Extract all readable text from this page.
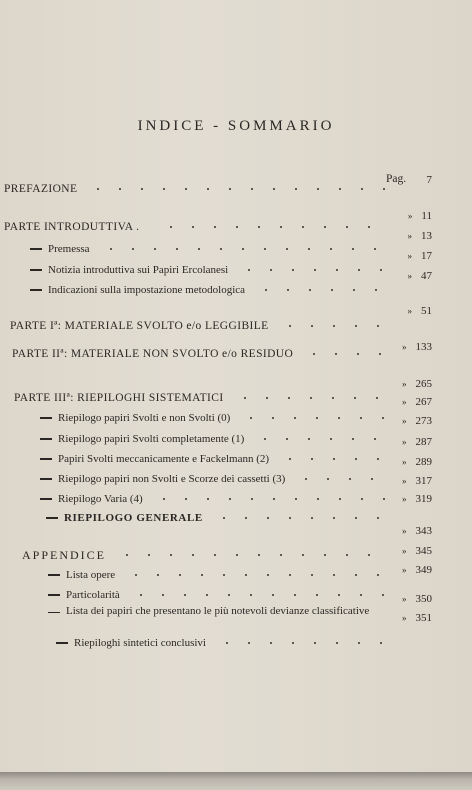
INDICE - SOMMARIO
Pag.
PREFAZIONE
PARTE INTRODUTTIVA .
Premessa
Notizia introduttiva sui Papiri Ercolanesi
Indicazioni sulla impostazione metodologica
PARTE Iª: MATERIALE SVOLTO e/o LEGGIBILE
PARTE IIª: MATERIALE NON SVOLTO e/o RESIDUO
PARTE IIIª: RIEPILOGHI SISTEMATICI
Riepilogo papiri Svolti e non Svolti (0)
Riepilogo papiri Svolti completamente (1)
Papiri Svolti meccanicamente e Fackelmann (2)
Riepilogo papiri non Svolti e Scorze dei cassetti (3)
Riepilogo Varia (4)
RIEPILOGO GENERALE
APPENDICE
Lista opere
Particolarità
Lista dei papiri che presentano le più notevoli devianze classificative
Riepiloghi sintetici conclusivi
7
» 11
» 13
» 17
» 47
» 51
» 133
» 265
» 267
» 273
» 287
» 289
» 317
» 319
» 343
» 345
» 349
» 350
» 351
